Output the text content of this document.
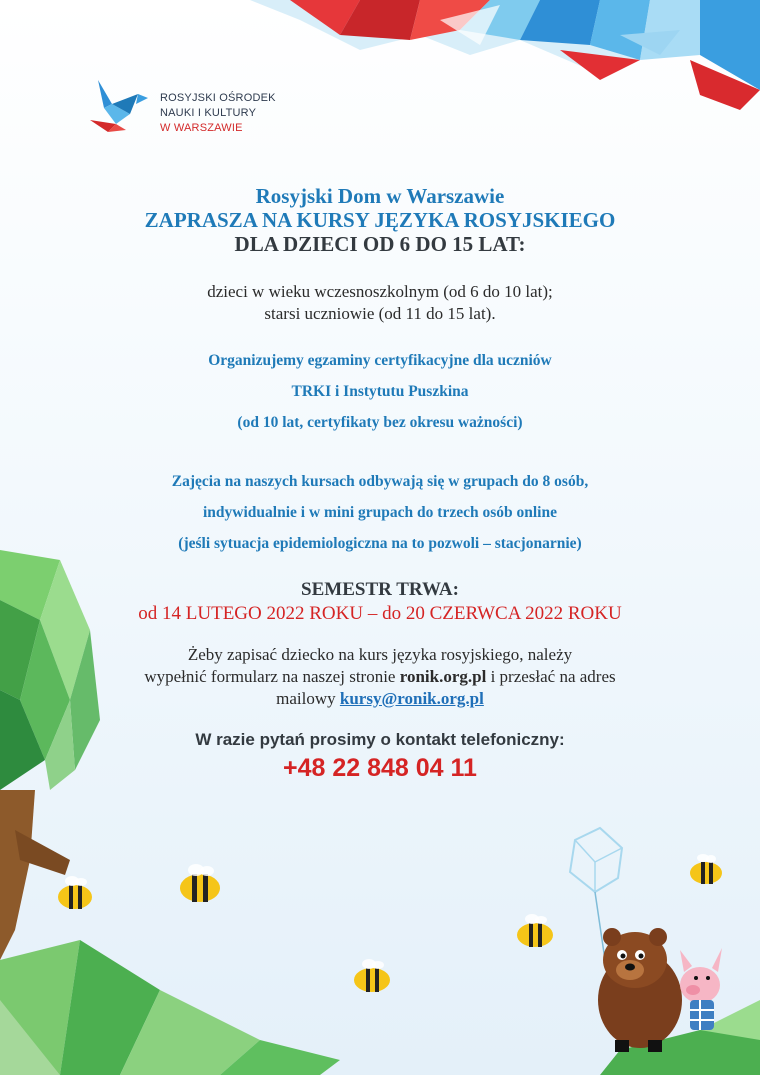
ROSYJSKI OŚRODEK
NAUKI I KULTURY
W WARSZAWIE
Rosyjski Dom w Warszawie
ZAPRASZA NA KURSY JĘZYKA ROSYJSKIEGO
DLA DZIECI OD 6 DO 15 LAT:
dzieci w wieku wczesnoszkolnym (od 6 do 10 lat);
starsi uczniowie (od 11 do 15 lat).
Organizujemy egzaminy certyfikacyjne dla uczniów
TRKI i Instytutu Puszkina
(od 10 lat, certyfikaty bez okresu ważności)
Zajęcia na naszych kursach odbywają się w grupach do 8 osób,
indywidualnie i w mini grupach do trzech osób online
(jeśli sytuacja epidemiologiczna na to pozwoli – stacjonarnie)
SEMESTR TRWA:
od 14 LUTEGO 2022 ROKU – do 20 CZERWCA 2022 ROKU
Żeby zapisać dziecko na kurs języka rosyjskiego, należy
wypełnić formularz na naszej stronie ronik.org.pl i przesłać na adres
mailowy kursy@ronik.org.pl
W razie pytań prosimy o kontakt telefoniczny:
+48 22 848 04 11
